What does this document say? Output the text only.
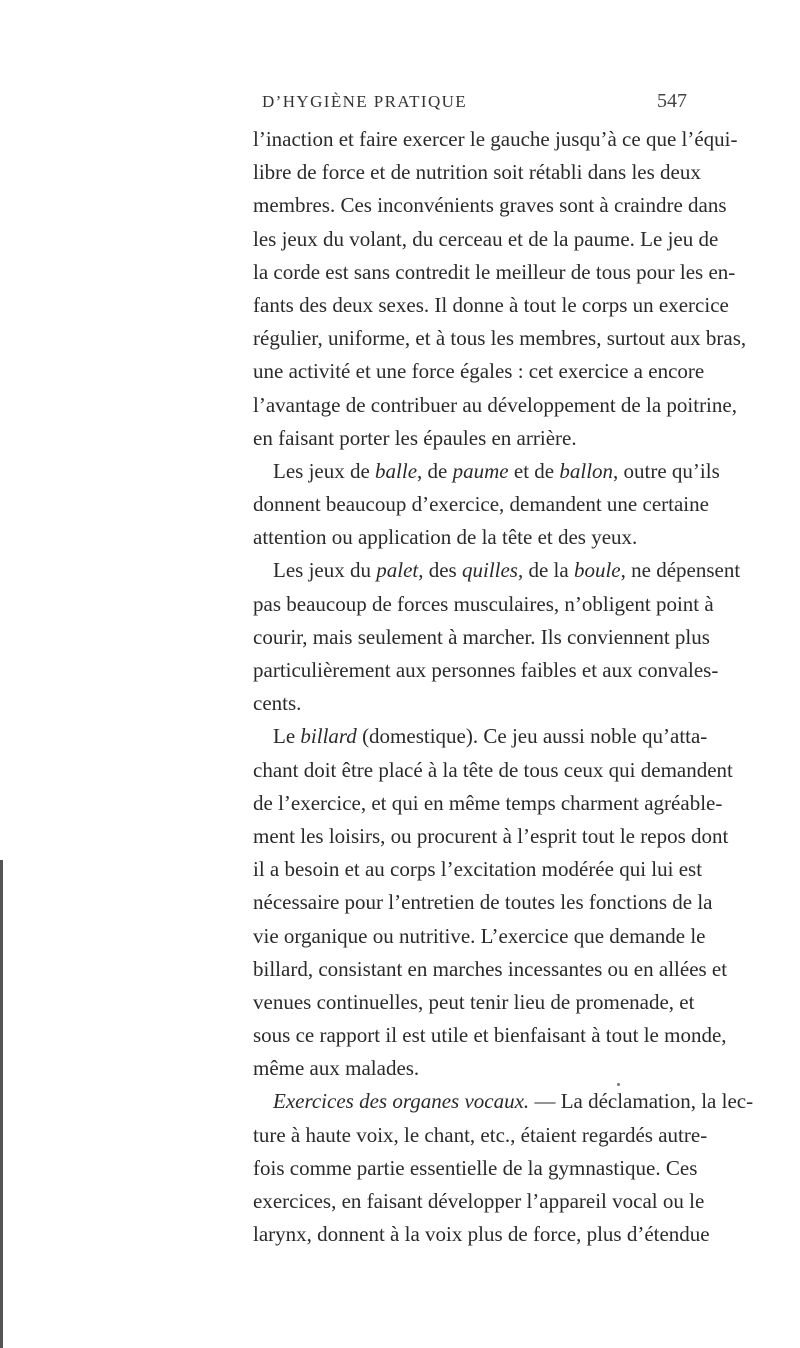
D’HYGIÈNE PRATIQUE	547
l’inaction et faire exercer le gauche jusqu’à ce que l’équi-
libre de force et de nutrition soit rétabli dans les deux
membres. Ces inconvénients graves sont à craindre dans
les jeux du volant, du cerceau et de la paume. Le jeu de
la corde est sans contredit le meilleur de tous pour les en-
fants des deux sexes. Il donne à tout le corps un exercice
régulier, uniforme, et à tous les membres, surtout aux bras,
une activité et une force égales : cet exercice a encore
l’avantage de contribuer au développement de la poitrine,
en faisant porter les épaules en arrière.
Les jeux de balle, de paume et de ballon, outre qu’ils
donnent beaucoup d’exercice, demandent une certaine
attention ou application de la tête et des yeux.
Les jeux du palet, des quilles, de la boule, ne dépensent
pas beaucoup de forces musculaires, n’obligent point à
courir, mais seulement à marcher. Ils conviennent plus
particulièrement aux personnes faibles et aux convales-
cents.
Le billard (domestique). Ce jeu aussi noble qu’atta-
chant doit être placé à la tête de tous ceux qui demandent
de l’exercice, et qui en même temps charment agréable-
ment les loisirs, ou procurent à l’esprit tout le repos dont
il a besoin et au corps l’excitation modérée qui lui est
nécessaire pour l’entretien de toutes les fonctions de la
vie organique ou nutritive. L’exercice que demande le
billard, consistant en marches incessantes ou en allées et
venues continuelles, peut tenir lieu de promenade, et
sous ce rapport il est utile et bienfaisant à tout le monde,
même aux malades.
Exercices des organes vocaux. — La déclamation, la lec-
ture à haute voix, le chant, etc., étaient regardés autre-
fois comme partie essentielle de la gymnastique. Ces
exercices, en faisant développer l’appareil vocal ou le
larynx, donnent à la voix plus de force, plus d’étendue
